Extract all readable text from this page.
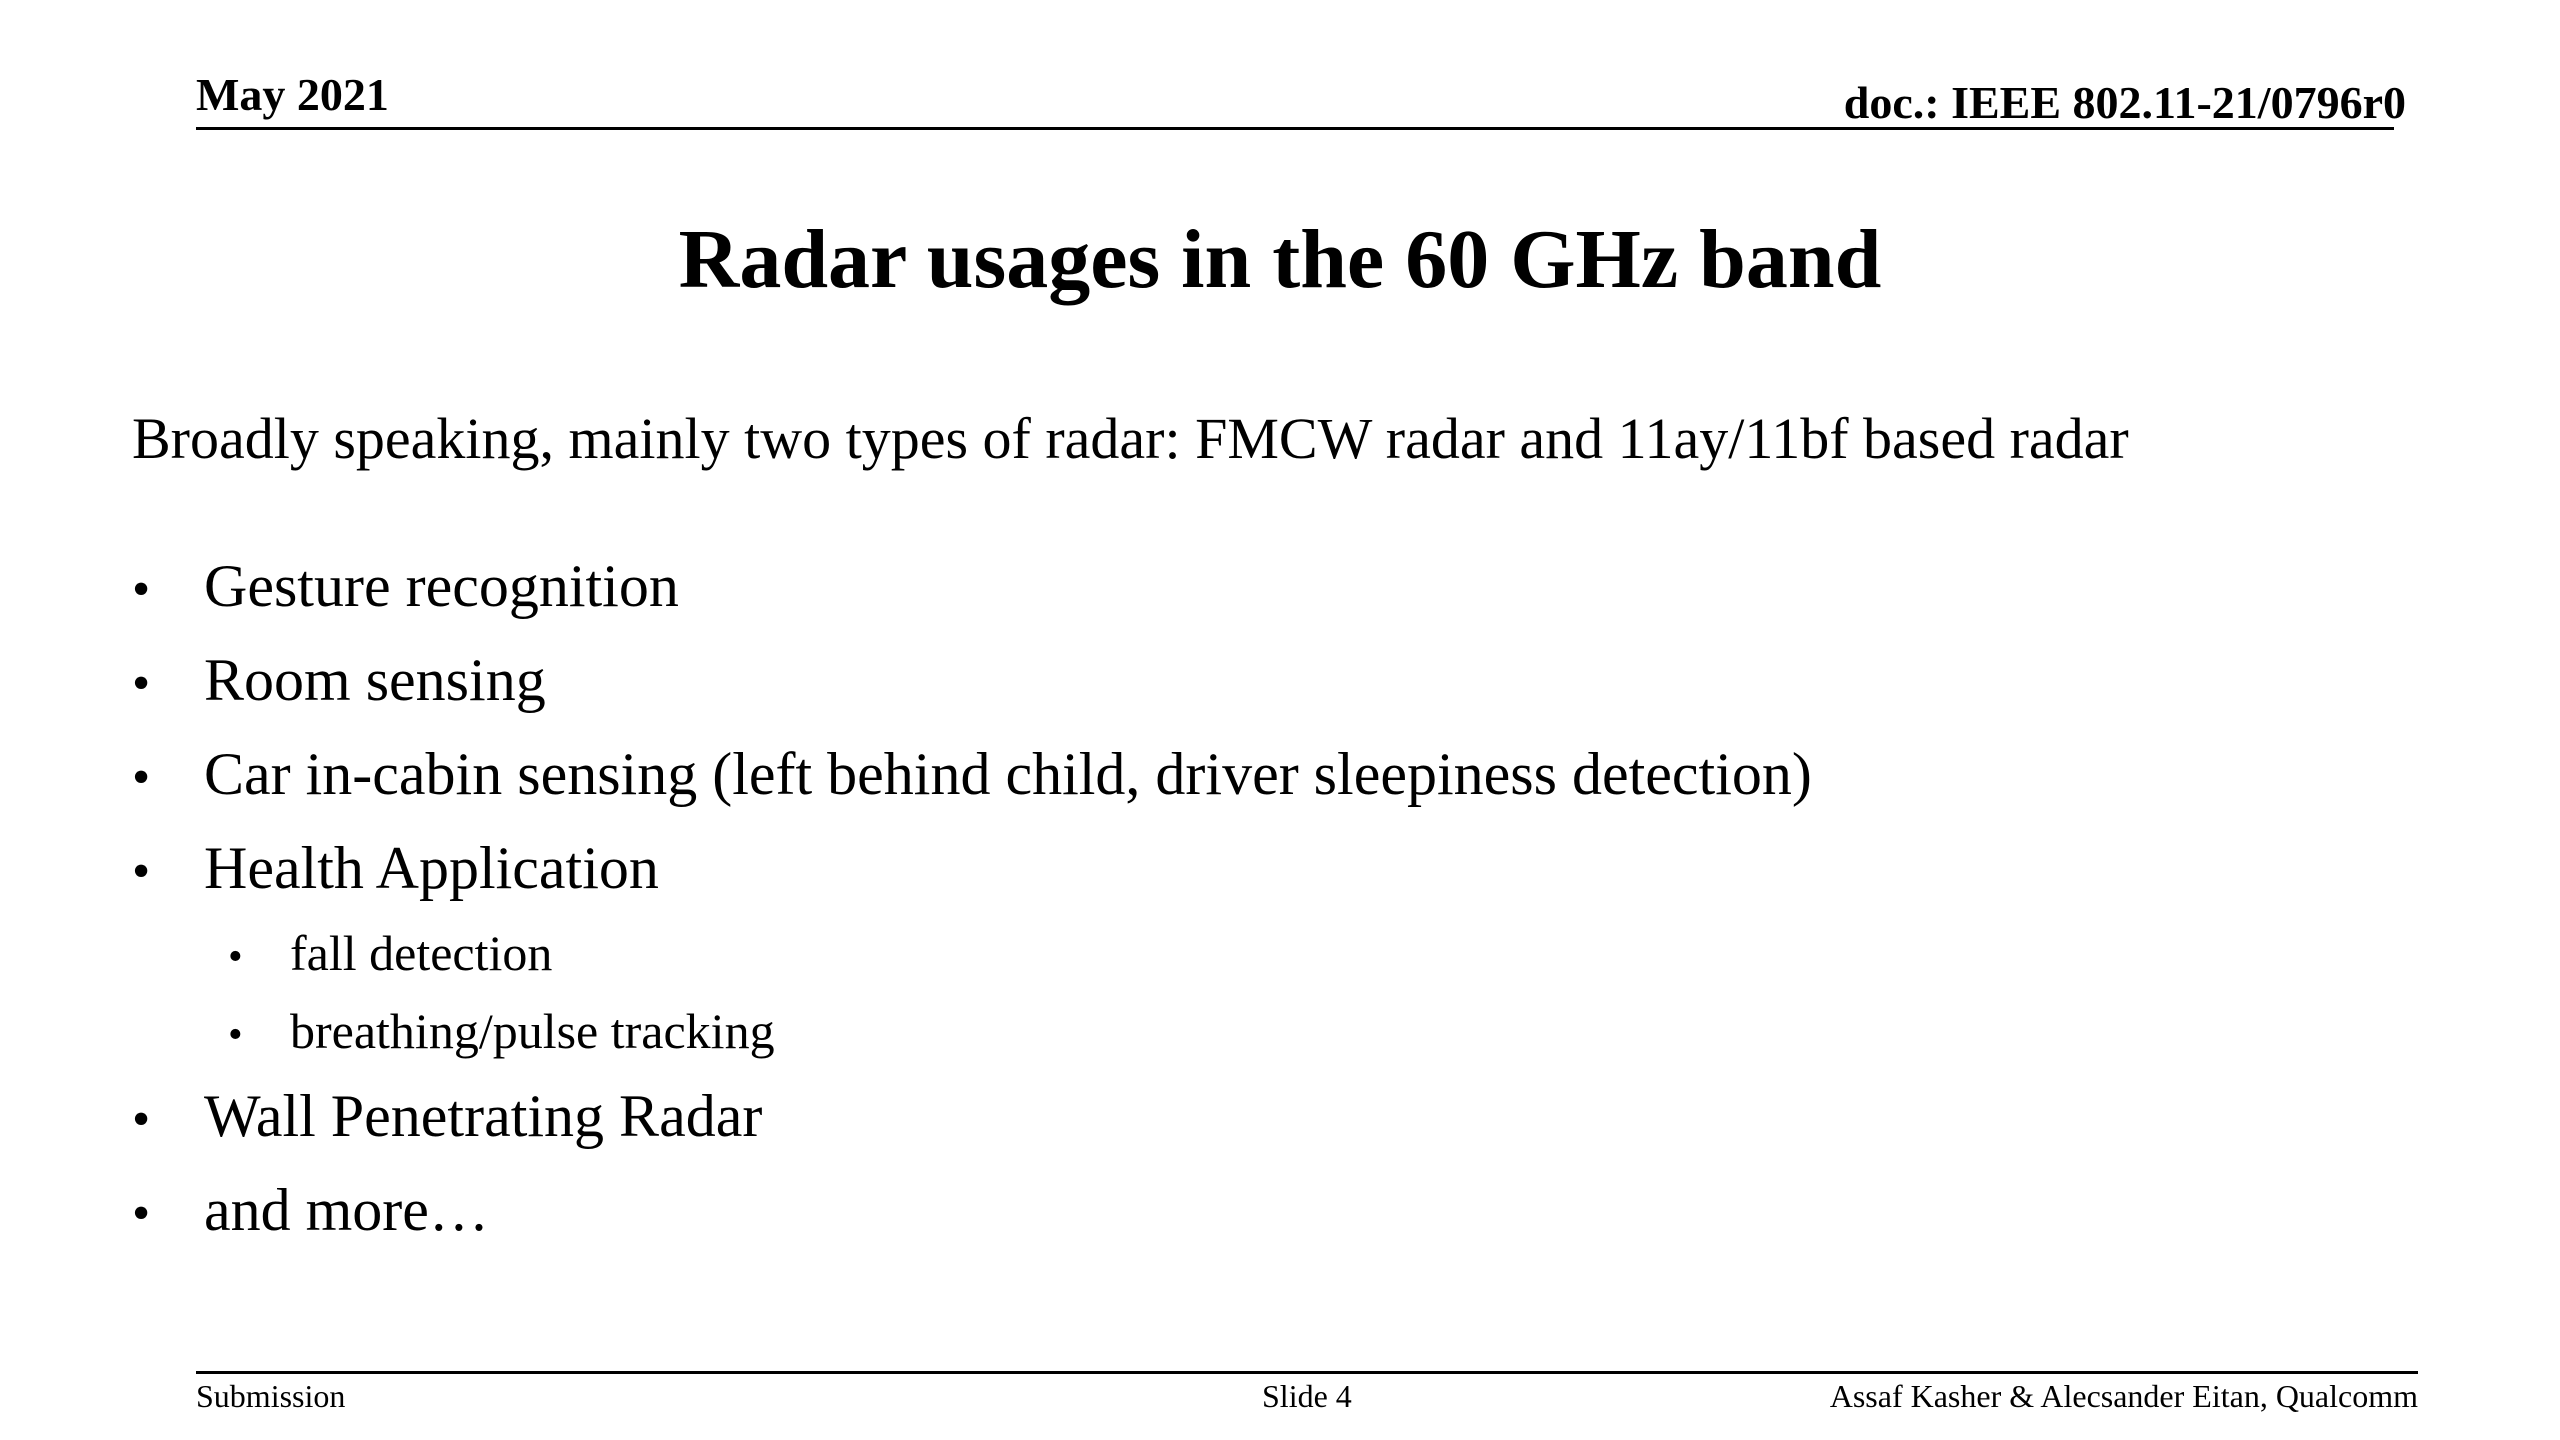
May 2021	doc.: IEEE 802.11-21/0796r0
Radar usages in the 60 GHz band
Broadly speaking, mainly two types of radar: FMCW radar and 11ay/11bf based radar
• Gesture recognition
• Room sensing
• Car in-cabin sensing (left behind child, driver sleepiness detection)
• Health Application
• fall detection
• breathing/pulse tracking
• Wall Penetrating Radar
• and more…
Submission	Slide 4	Assaf Kasher & Alecsander Eitan, Qualcomm
